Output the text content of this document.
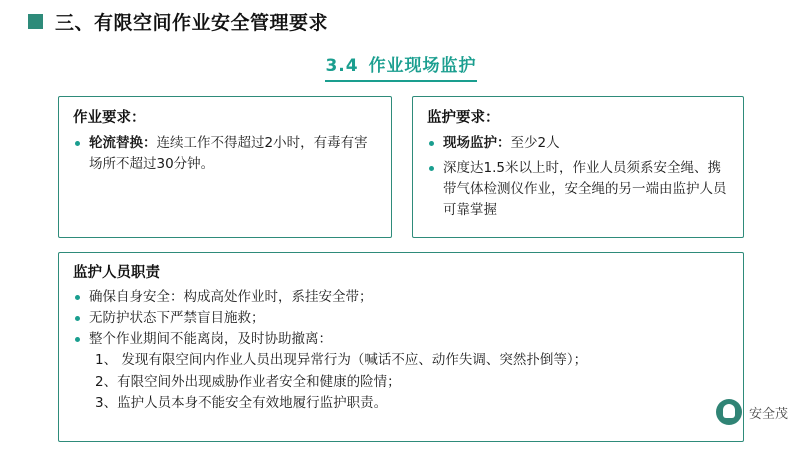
三、有限空间作业安全管理要求
3.4 作业现场监护
作业要求：
轮流替换：连续工作不得超过2小时，有毒有害场所不超过30分钟。
监护要求：
现场监护：至少2人
深度达1.5米以上时，作业人员须系安全绳、携带气体检测仪作业，安全绳的另一端由监护人员可靠掌握
监护人员职责
确保自身安全：构成高处作业时，系挂安全带；
无防护状态下严禁盲目施救；
整个作业期间不能离岗，及时协助撤离：
1、 发现有限空间内作业人员出现异常行为（喊话不应、动作失调、突然扑倒等）；
2、有限空间外出现威胁作业者安全和健康的险情；
3、监护人员本身不能安全有效地履行监护职责。
安全茂
